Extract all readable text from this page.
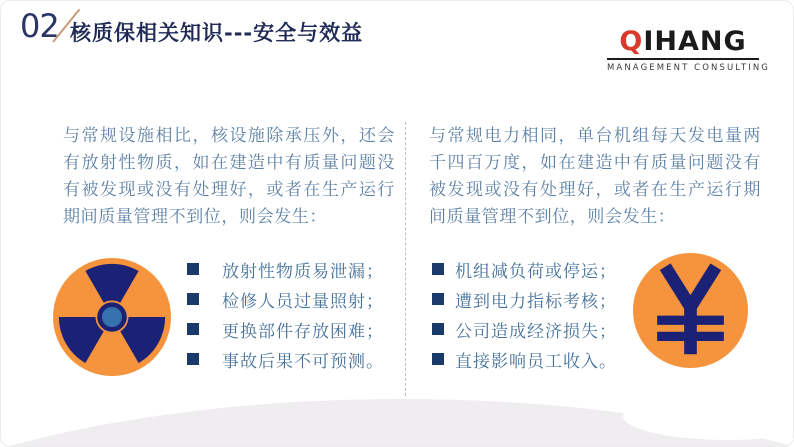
02 核质保相关知识---安全与效益	QIHANG
MANAGEMENT CONSULTING
与常规设施相比，核设施除承压外，还会有放射性物质，如在建造中有质量问题没有被发现或没有处理好，或者在生产运行期间质量管理不到位，则会发生：
放射性物质易泄漏；
检修人员过量照射；
更换部件存放困难；
事故后果不可预测。
与常规电力相同，单台机组每天发电量两千四百万度，如在建造中有质量问题没有被发现或没有处理好，或者在生产运行期间质量管理不到位，则会发生：
机组减负荷或停运；
遭到电力指标考核；
公司造成经济损失；
直接影响员工收入。
